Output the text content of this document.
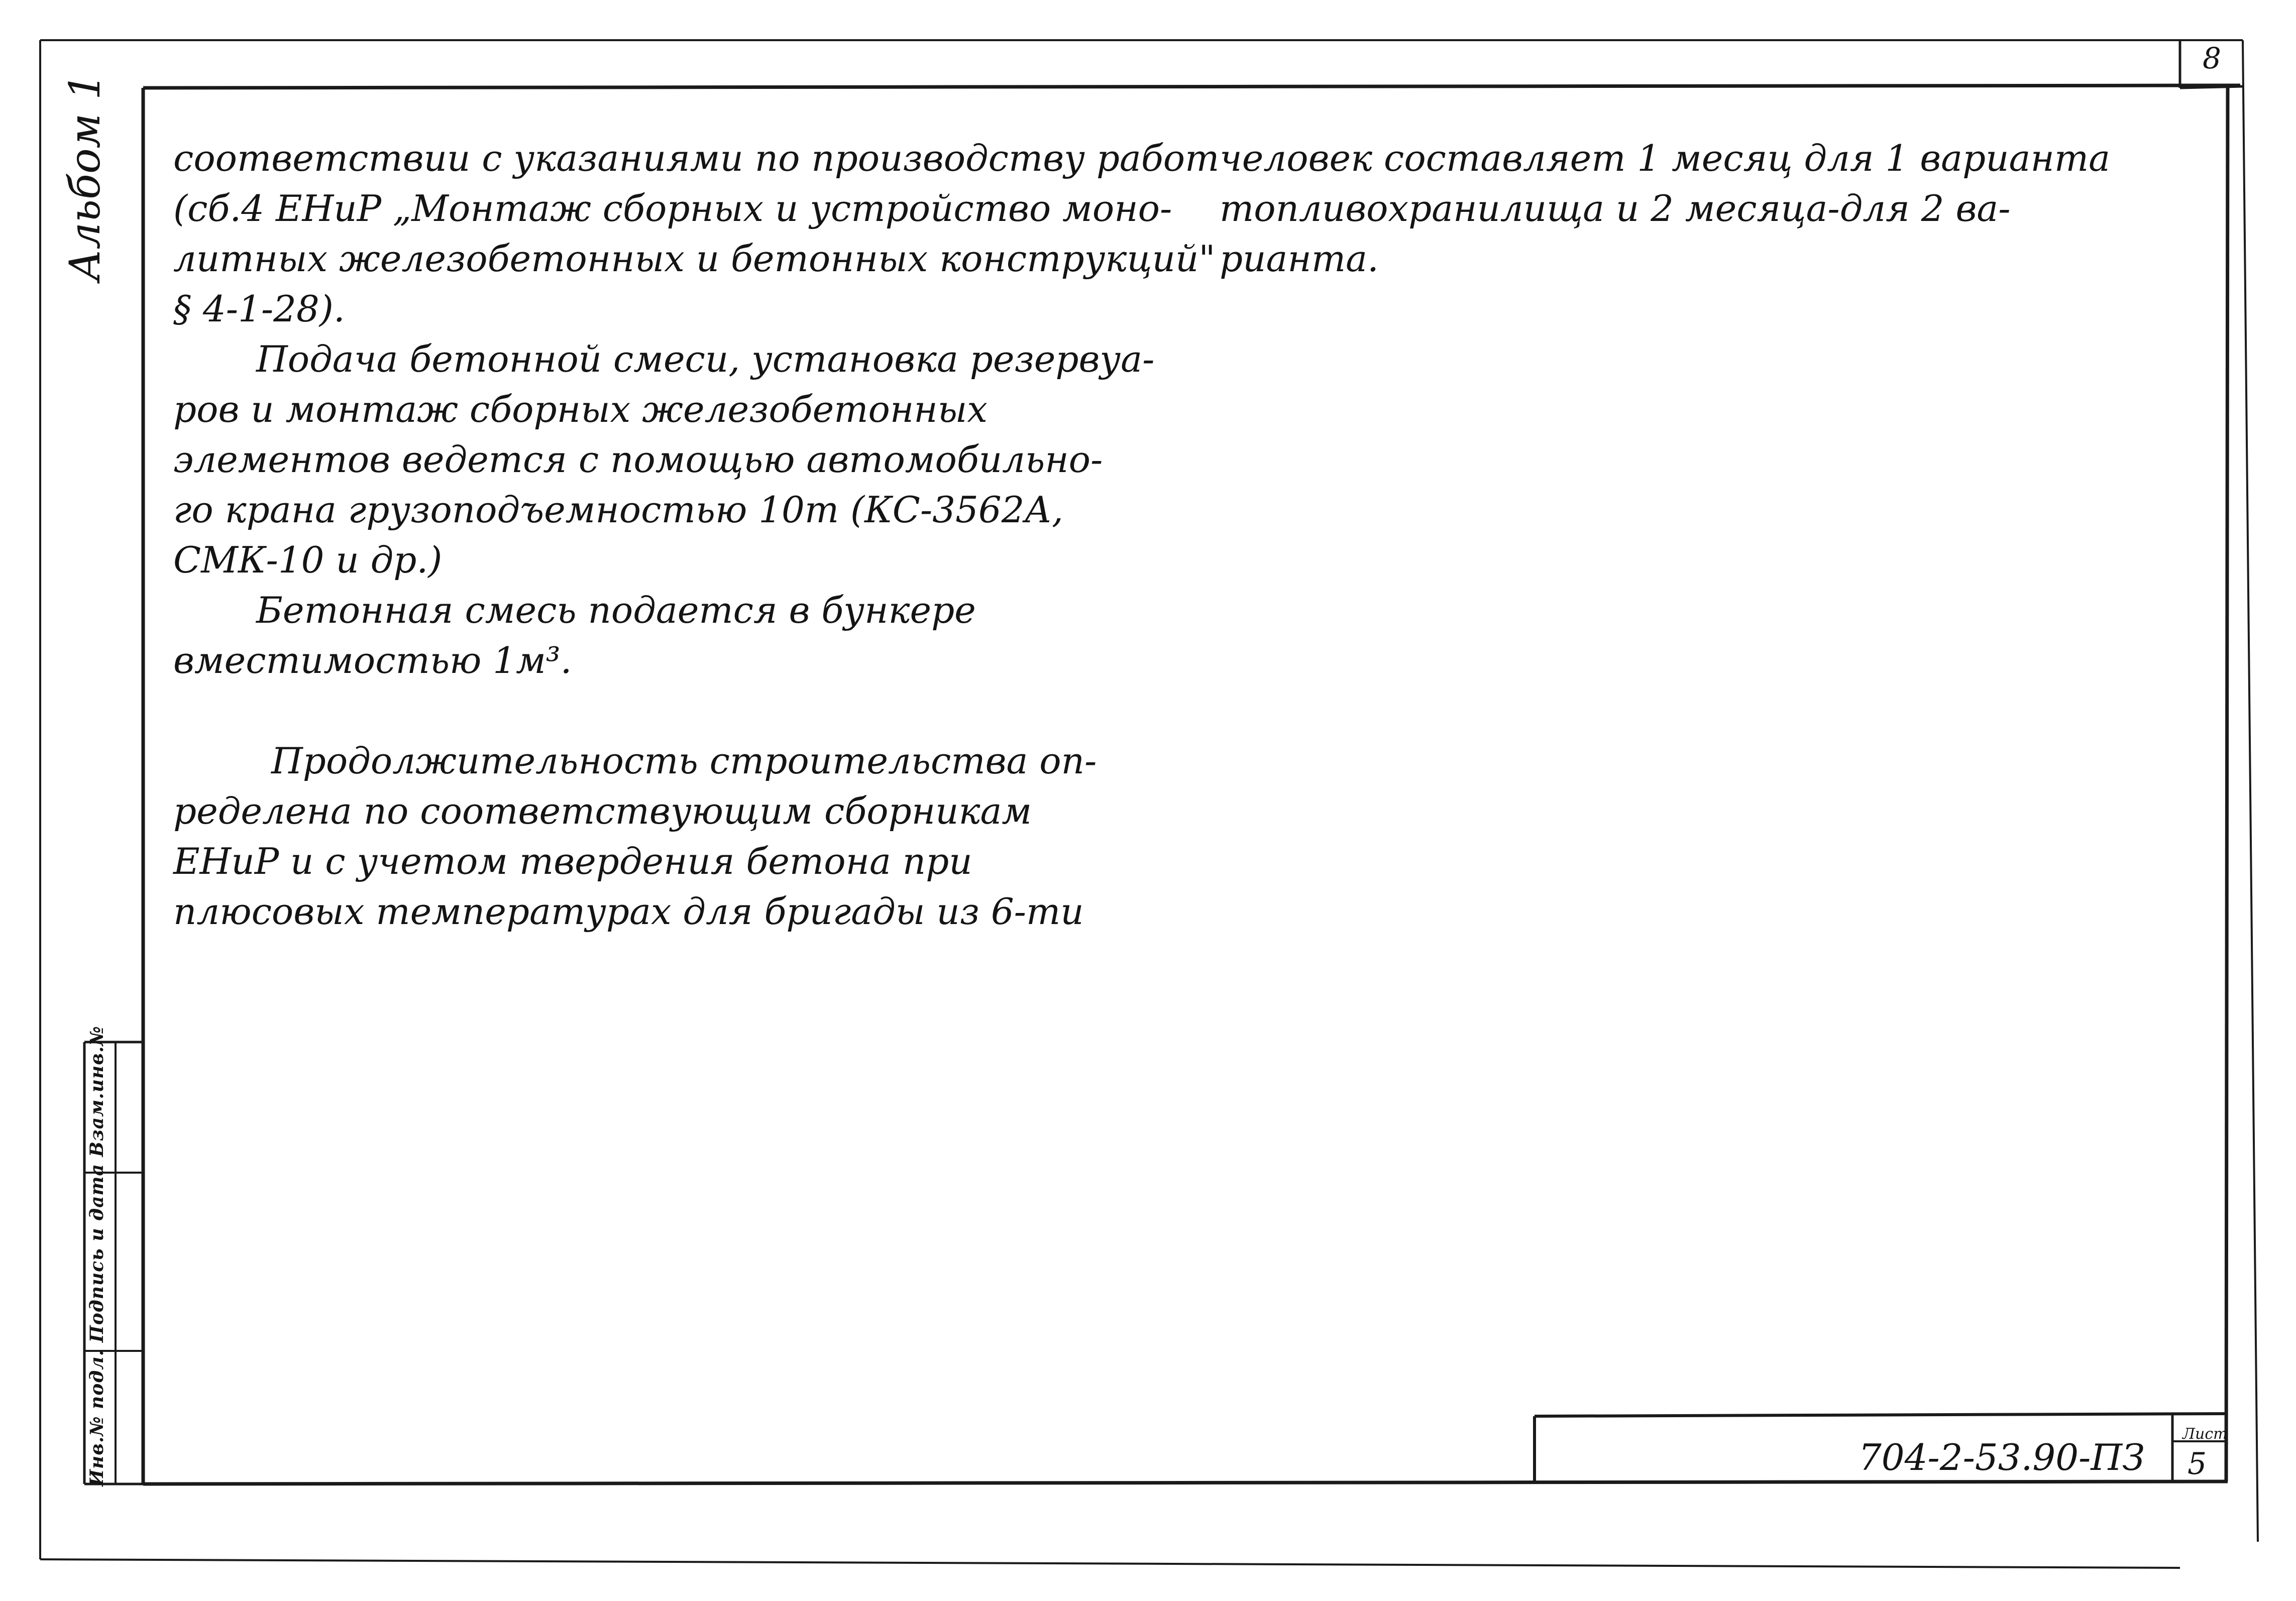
8
Альбом 1
Инв.№ подл. Подпись и дата Взам.инв.№
соответствии с указаниями по производству работ
(сб.4 ЕНиР „Монтаж сборных и устройство моно-
литных железобетонных и бетонных конструкций"
§ 4-1-28).
Подача бетонной смеси, установка резервуа-
ров и монтаж сборных железобетонных
элементов ведется с помощью автомобильно-
го крана грузоподъемностью 10т (КС-3562А,
СМК-10 и др.)
Бетонная смесь подается в бункере
вместимостью 1м³.
Продолжительность строительства оп-
ределена по соответствующим сборникам
ЕНиР и с учетом твердения бетона при
плюсовых температурах для бригады из 6-ти
человек составляет 1 месяц для 1 варианта
топливохранилища и 2 месяца-для 2 ва-
рианта.
704-2-53.90-ПЗ
Лист
5
